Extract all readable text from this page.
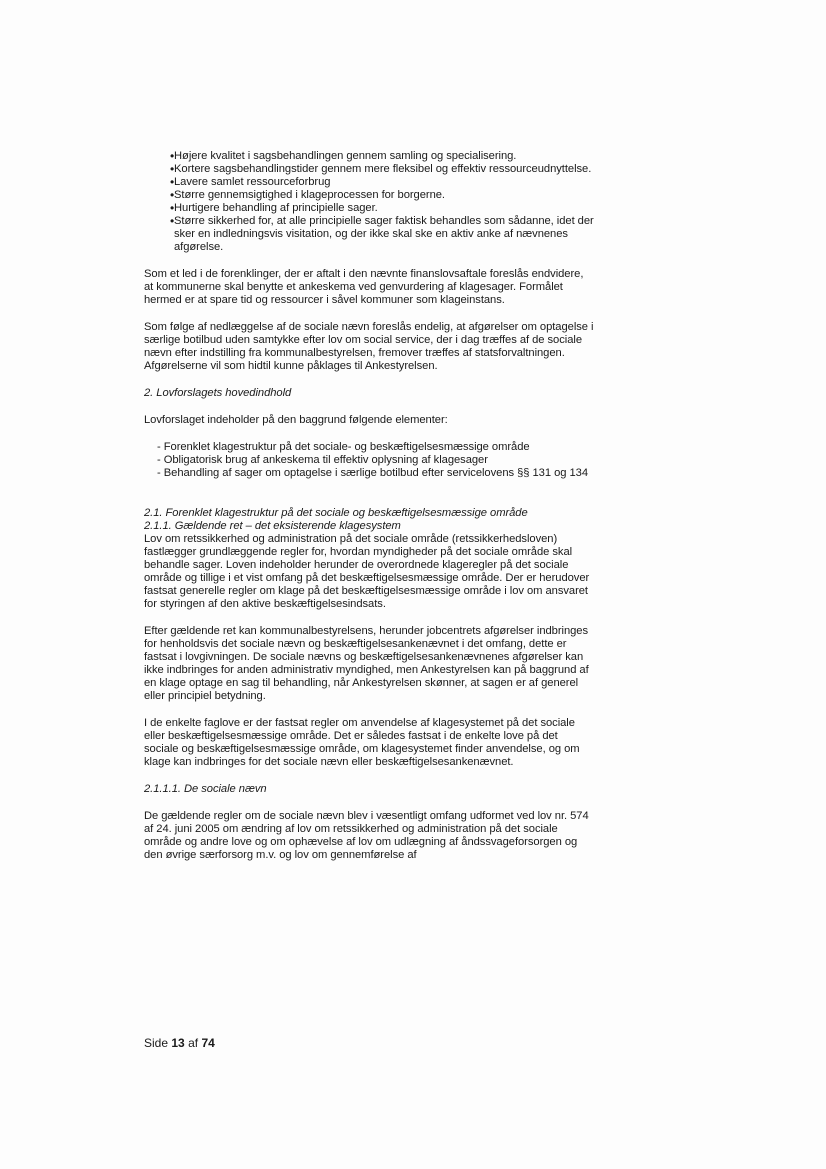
• Højere kvalitet i sagsbehandlingen gennem samling og specialisering.
• Kortere sagsbehandlingstider gennem mere fleksibel og effektiv ressourceudnyttelse.
• Lavere samlet ressourceforbrug
• Større gennemsigtighed i klageprocessen for borgerne.
• Hurtigere behandling af principielle sager.
• Større sikkerhed for, at alle principielle sager faktisk behandles som sådanne, idet der sker en indledningsvis visitation, og der ikke skal ske en aktiv anke af nævnenes afgørelse.

Som et led i de forenklinger, der er aftalt i den nævnte finanslovsaftale foreslås endvidere, at kommunerne skal benytte et ankeskema ved genvurdering af klagesager. Formålet hermed er at spare tid og ressourcer i såvel kommuner som klageinstans.

Som følge af nedlæggelse af de sociale nævn foreslås endelig, at afgørelser om optagelse i særlige botilbud uden samtykke efter lov om social service, der i dag træffes af de sociale nævn efter indstilling fra kommunalbestyrelsen, fremover træffes af statsforvaltningen. Afgørelserne vil som hidtil kunne påklages til Ankestyrelsen.

2. Lovforslagets hovedindhold

Lovforslaget indeholder på den baggrund følgende elementer:

- Forenklet klagestruktur på det sociale- og beskæftigelsesmæssige område
- Obligatorisk brug af ankeskema til effektiv oplysning af klagesager
- Behandling af sager om optagelse i særlige botilbud efter servicelovens §§ 131 og 134

2.1. Forenklet klagestruktur på det sociale og beskæftigelsesmæssige område

2.1.1. Gældende ret – det eksisterende klagesystem

Lov om retssikkerhed og administration på det sociale område (retssikkerhedsloven) fastlægger grundlæggende regler for, hvordan myndigheder på det sociale område skal behandle sager. Loven indeholder herunder de overordnede klageregler på det sociale område og tillige i et vist omfang på det beskæftigelsesmæssige område. Der er herudover fastsat generelle regler om klage på det beskæftigelsesmæssige område i lov om ansvaret for styringen af den aktive beskæftigelsesindsats.

Efter gældende ret kan kommunalbestyrelsens, herunder jobcentrets afgørelser indbringes for henholdsvis det sociale nævn og beskæftigelsesankenævnet i det omfang, dette er fastsat i lovgivningen. De sociale nævns og beskæftigelsesankenævnenes afgørelser kan ikke indbringes for anden administrativ myndighed, men Ankestyrelsen kan på baggrund af en klage optage en sag til behandling, når Ankestyrelsen skønner, at sagen er af generel eller principiel betydning.

I de enkelte faglove er der fastsat regler om anvendelse af klagesystemet på det sociale eller beskæftigelsesmæssige område. Det er således fastsat i de enkelte love på det sociale og beskæftigelsesmæssige område, om klagesystemet finder anvendelse, og om klage kan indbringes for det sociale nævn eller beskæftigelsesankenævnet.

2.1.1.1. De sociale nævn

De gældende regler om de sociale nævn blev i væsentligt omfang udformet ved lov nr. 574 af 24. juni 2005 om ændring af lov om retssikkerhed og administration på det sociale område og andre love og om ophævelse af lov om udlægning af åndssvageforsorgen og den øvrige særforsorg m.v. og lov om gennemførelse af

Side 13 af 74
